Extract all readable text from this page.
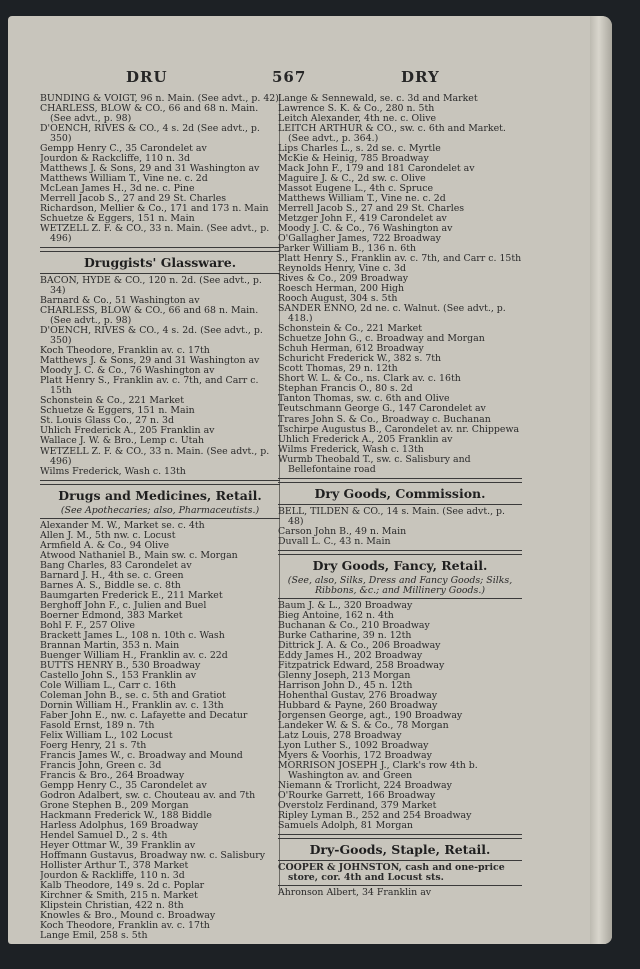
DRU	567	DRY
BUNDING & VOIGT, 96 n. Main. (See advt., p. 42)
CHARLESS, BLOW & CO., 66 and 68 n. Main. (See advt., p. 98)
D'OENCH, RIVES & CO., 4 s. 2d (See advt., p. 350)
Gempp Henry C., 35 Carondelet av
Jourdon & Rackcliffe, 110 n. 3d
Matthews J. & Sons, 29 and 31 Washington av
Matthews William T., Vine ne. c. 2d
McLean James H., 3d ne. c. Pine
Merrell Jacob S., 27 and 29 St. Charles
Richardson, Mellier & Co., 171 and 173 n. Main
Schuetze & Eggers, 151 n. Main
WETZELL Z. F. & CO., 33 n. Main. (See advt., p. 496)
Druggists' Glassware.
BACON, HYDE & CO., 120 n. 2d. (See advt., p. 34)
Barnard & Co., 51 Washington av
CHARLESS, BLOW & CO., 66 and 68 n. Main. (See advt., p. 98)
D'OENCH, RIVES & CO., 4 s. 2d. (See advt., p. 350)
Koch Theodore, Franklin av. c. 17th
Matthews J. & Sons, 29 and 31 Washington av
Moody J. C. & Co., 76 Washington av
Platt Henry S., Franklin av. c. 7th, and Carr c. 15th
Schonstein & Co., 221 Market
Schuetze & Eggers, 151 n. Main
St. Louis Glass Co., 27 n. 3d
Uhlich Frederick A., 205 Franklin av
Wallace J. W. & Bro., Lemp c. Utah
WETZELL Z. F. & CO., 33 n. Main. (See advt., p. 496)
Wilms Frederick, Wash c. 13th
Drugs and Medicines, Retail.
(See Apothecaries; also, Pharmaceutists.)
Alexander M. W., Market se. c. 4th
Allen J. M., 5th nw. c. Locust
Armfield A. & Co., 94 Olive
Atwood Nathaniel B., Main sw. c. Morgan
Bang Charles, 83 Carondelet av
Barnard J. H., 4th se. c. Green
Barnes A. S., Biddle se. c. 8th
Baumgarten Frederick E., 211 Market
Berghoff John F., c. Julien and Buel
Boerner Edmond, 383 Market
Bohl F. F., 257 Olive
Brackett James L., 108 n. 10th c. Wash
Brannan Martin, 353 n. Main
Buenger William H., Franklin av. c. 22d
BUTTS HENRY B., 530 Broadway
Castello John S., 153 Franklin av
Cole William L., Carr c. 16th
Coleman John B., se. c. 5th and Gratiot
Dornin William H., Franklin av. c. 13th
Faber John E., nw. c. Lafayette and Decatur
Fasold Ernst, 189 n. 7th
Felix William L., 102 Locust
Foerg Henry, 21 s. 7th
Francis James W., c. Broadway and Mound
Francis John, Green c. 3d
Francis & Bro., 264 Broadway
Gempp Henry C., 35 Carondelet av
Godron Adalbert, sw. c. Chouteau av. and 7th
Grone Stephen B., 209 Morgan
Hackmann Frederick W., 188 Biddle
Harless Adolphus, 169 Broadway
Hendel Samuel D., 2 s. 4th
Heyer Ottmar W., 39 Franklin av
Hoffmann Gustavus, Broadway nw. c. Salisbury
Hollister Arthur T., 378 Market
Jourdon & Rackliffe, 110 n. 3d
Kalb Theodore, 149 s. 2d c. Poplar
Kirchner & Smith, 215 n. Market
Klipstein Christian, 422 n. 8th
Knowles & Bro., Mound c. Broadway
Koch Theodore, Franklin av. c. 17th
Lange Emil, 258 s. 5th
Lange & Sennewald, se. c. 3d and Market
Lawrence S. K. & Co., 280 n. 5th
Leitch Alexander, 4th ne. c. Olive
LEITCH ARTHUR & CO., sw. c. 6th and Market. (See advt., p. 364.)
Lips Charles L., s. 2d se. c. Myrtle
McKie & Heinig, 785 Broadway
Mack John F., 179 and 181 Carondelet av
Maguire J. & C., 2d sw. c. Olive
Massot Eugene L., 4th c. Spruce
Matthews William T., Vine ne. c. 2d
Merrell Jacob S., 27 and 29 St. Charles
Metzger John F., 419 Carondelet av
Moody J. C. & Co., 76 Washington av
O'Gallagher James, 722 Broadway
Parker William B., 136 n. 6th
Platt Henry S., Franklin av. c. 7th, and Carr c. 15th
Reynolds Henry, Vine c. 3d
Rives & Co., 209 Broadway
Roesch Herman, 200 High
Rooch August, 304 s. 5th
SANDER ENNO, 2d ne. c. Walnut. (See advt., p. 418.)
Schonstein & Co., 221 Market
Schuetze John G., c. Broadway and Morgan
Schuh Herman, 612 Broadway
Schuricht Frederick W., 382 s. 7th
Scott Thomas, 29 n. 12th
Short W. L. & Co., ns. Clark av. c. 16th
Stephan Francis O., 80 s. 2d
Tanton Thomas, sw. c. 6th and Olive
Teutschmann George G., 147 Carondelet av
Trares John S. & Co., Broadway c. Buchanan
Tschirpe Augustus B., Carondelet av. nr. Chippewa
Uhlich Frederick A., 205 Franklin av
Wilms Frederick, Wash c. 13th
Wurmb Theobald T., sw. c. Salisbury and Bellefontaine road
Dry Goods, Commission.
BELL, TILDEN & CO., 14 s. Main. (See advt., p. 48)
Carson John B., 49 n. Main
Duvall L. C., 43 n. Main
Dry Goods, Fancy, Retail.
(See, also, Silks, Dress and Fancy Goods; Silks, Ribbons, &c.; and Millinery Goods.)
Baum J. & L., 320 Broadway
Bieg Antoine, 162 n. 4th
Buchanan & Co., 210 Broadway
Burke Catharine, 39 n. 12th
Dittrick J. A. & Co., 206 Broadway
Eddy James H., 202 Broadway
Fitzpatrick Edward, 258 Broadway
Glenny Joseph, 213 Morgan
Harrison John D., 45 n. 12th
Hohenthal Gustav, 276 Broadway
Hubbard & Payne, 260 Broadway
Jorgensen George, agt., 190 Broadway
Landeker W. & S. & Co., 78 Morgan
Latz Louis, 278 Broadway
Lyon Luther S., 1092 Broadway
Myers & Voorhis, 172 Broadway
MORRISON JOSEPH J., Clark's row 4th b. Washington av. and Green
Niemann & Trorlicht, 224 Broadway
O'Rourke Garrett, 166 Broadway
Overstolz Ferdinand, 379 Market
Ripley Lyman B., 252 and 254 Broadway
Samuels Adolph, 81 Morgan
Dry-Goods, Staple, Retail.
COOPER & JOHNSTON, cash and one-price store, cor. 4th and Locust sts.
Ahronson Albert, 34 Franklin av
